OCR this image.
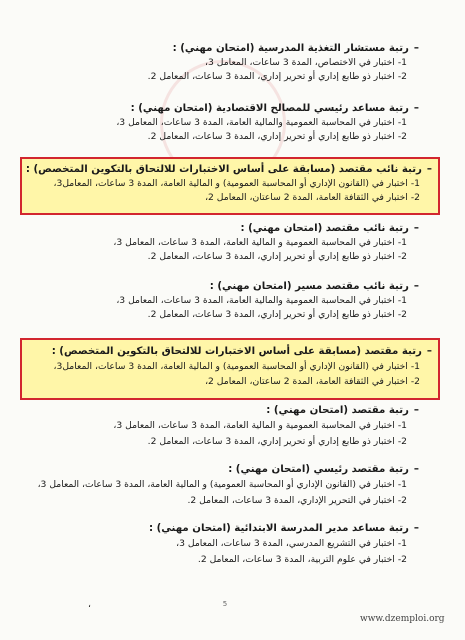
–رتبة مستشار التغذية المدرسية (امتحان مهني) :

1-اختبار في الاختصاص، المدة 3 ساعات، المعامل 3،

2-اختبار ذو طابع إداري أو تحرير إداري، المدة 3 ساعات، المعامل 2.

–رتبة مساعد رئيسي للمصالح الاقتصادية (امتحان مهني) :

1-اختبار في المحاسبة العمومية والمالية العامة، المدة 3 ساعات، المعامل 3،

2-اختبار ذو طابع إداري أو تحرير إداري، المدة 3 ساعات، المعامل 2.

–رتبة نائب مقتصد (مسابقة على أساس الاختبارات للالتحاق بالتكوين المتخصص) :

1-اختبار في (القانون الإداري أو المحاسبة العمومية) و المالية العامة، المدة 3 ساعات، المعامل3،

2-اختبار في الثقافة العامة، المدة 2 ساعتان، المعامل 2،

–رتبة نائب مقتصد (امتحان مهني) :

1-اختبار في المحاسبة العمومية و المالية العامة، المدة 3 ساعات، المعامل 3،

2-اختبار ذو طابع إداري أو تحرير إداري، المدة 3 ساعات، المعامل 2.

–رتبة نائب مقتصد مسير (امتحان مهني) :

1-اختبار في المحاسبة العمومية والمالية العامة، المدة 3 ساعات، المعامل 3،

2-اختبار ذو طابع إداري أو تحرير إداري، المدة 3 ساعات، المعامل 2.

–رتبة مقتصد (مسابقة على أساس الاختبارات للالتحاق بالتكوين المتخصص) :

1-اختبار في (القانون الإداري أو المحاسبة العمومية) و المالية العامة، المدة 3 ساعات، المعامل3،

2-اختبار في الثقافة العامة، المدة 2 ساعتان، المعامل 2،

–رتبة مقتصد (امتحان مهني) :

1-اختبار في المحاسبة العمومية و المالية العامة، المدة 3 ساعات، المعامل 3،

2-اختبار ذو طابع إداري أو تحرير إداري، المدة 3 ساعات، المعامل 2.

–رتبة مقتصد رئيسي (امتحان مهني) :

1-اختبار في (القانون الإداري أو المحاسبة العمومية) و المالية العامة، المدة 3 ساعات، المعامل 3،

2-اختبار في التحرير الإداري، المدة 3 ساعات، المعامل 2.

–رتبة مساعد مدير المدرسة الابتدائية (امتحان مهني) :

1-اختبار في التشريع المدرسي، المدة 3 ساعات، المعامل 3،

2-اختبار في علوم التربية، المدة 3 ساعات، المعامل 2.

،	5
www.dzemploi.org
